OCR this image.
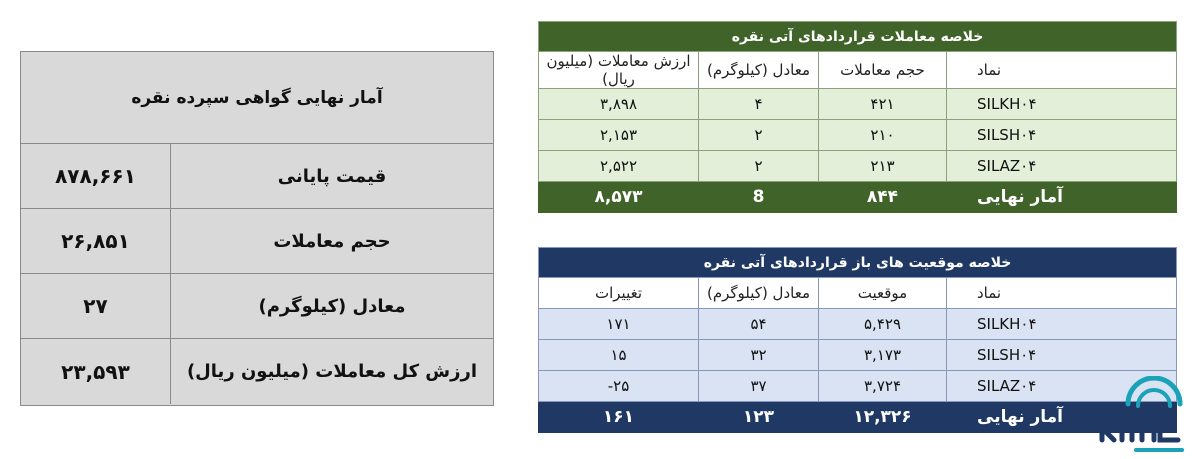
آمار نهایی گواهی سپرده نقره
۸۷۸,۶۶۱	قیمت پایانی
۲۶,۸۵۱	حجم معاملات
۲۷	معادل (کیلوگرم)
۲۳,۵۹۳	ارزش کل معاملات (میلیون ریال)
خلاصه معاملات قراردادهای آتی نقره			
ارزش معاملات (میلیون ریال)	معادل (کیلوگرم)	حجم معاملات	نماد
۳,۸۹۸	۴	۴۲۱	SILKH۰۴
۲,۱۵۳	۲	۲۱۰	SILSH۰۴
۲,۵۲۲	۲	۲۱۳	SILAZ۰۴
۸,۵۷۳	8	۸۴۴	آمار نهایی
خلاصه موقعیت های باز قراردادهای آتی نقره			
تغییرات	معادل (کیلوگرم)	موقعیت	نماد
۱۷۱	۵۴	۵,۴۲۹	SILKH۰۴
۱۵	۳۲	۳,۱۷۳	SILSH۰۴
-۲۵	۳۷	۳,۷۲۴	SILAZ۰۴
۱۶۱	۱۲۳	۱۲,۳۲۶	آمار نهایی
